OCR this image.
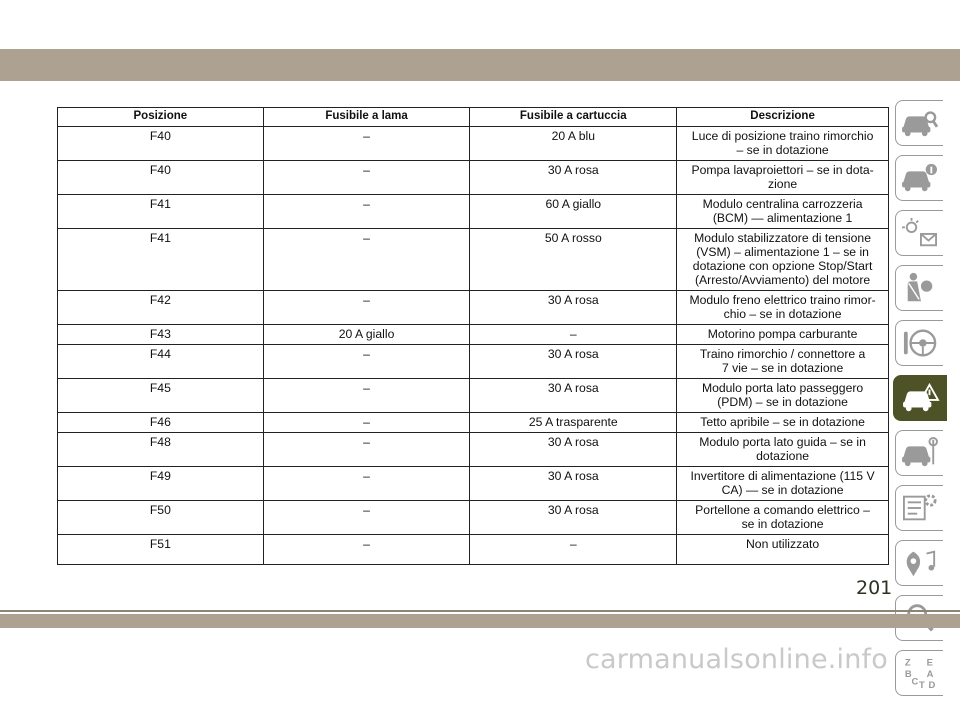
Posizione	Fusibile a lama	Fusibile a cartuccia	Descrizione
F40	–	20 A blu	Luce di posizione traino rimorchio
– se in dotazione

F40	–	30 A rosa	Pompa lavaproiettori – se in dota-
zione

F41	–	60 A giallo	Modulo centralina carrozzeria
(BCM) — alimentazione 1

F41	–	50 A rosso	Modulo stabilizzatore di tensione
(VSM) – alimentazione 1 – se in
dotazione con opzione Stop/Start
(Arresto/Avviamento) del motore

F42	–	30 A rosa	Modulo freno elettrico traino rimor-
chio – se in dotazione

F43	20 A giallo	–	Motorino pompa carburante

F44	–	30 A rosa	Traino rimorchio / connettore a
7 vie – se in dotazione

F45	–	30 A rosa	Modulo porta lato passeggero
(PDM) – se in dotazione

F46	–	25 A trasparente	Tetto apribile – se in dotazione

F48	–	30 A rosa	Modulo porta lato guida – se in
dotazione

F49	–	30 A rosa	Invertitore di alimentazione (115 V
CA) — se in dotazione

F50	–	30 A rosa	Portellone a comando elettrico –
se in dotazione

F51	–	–	Non utilizzato
Z E
B A
C T D
201
carmanualsonline.info
